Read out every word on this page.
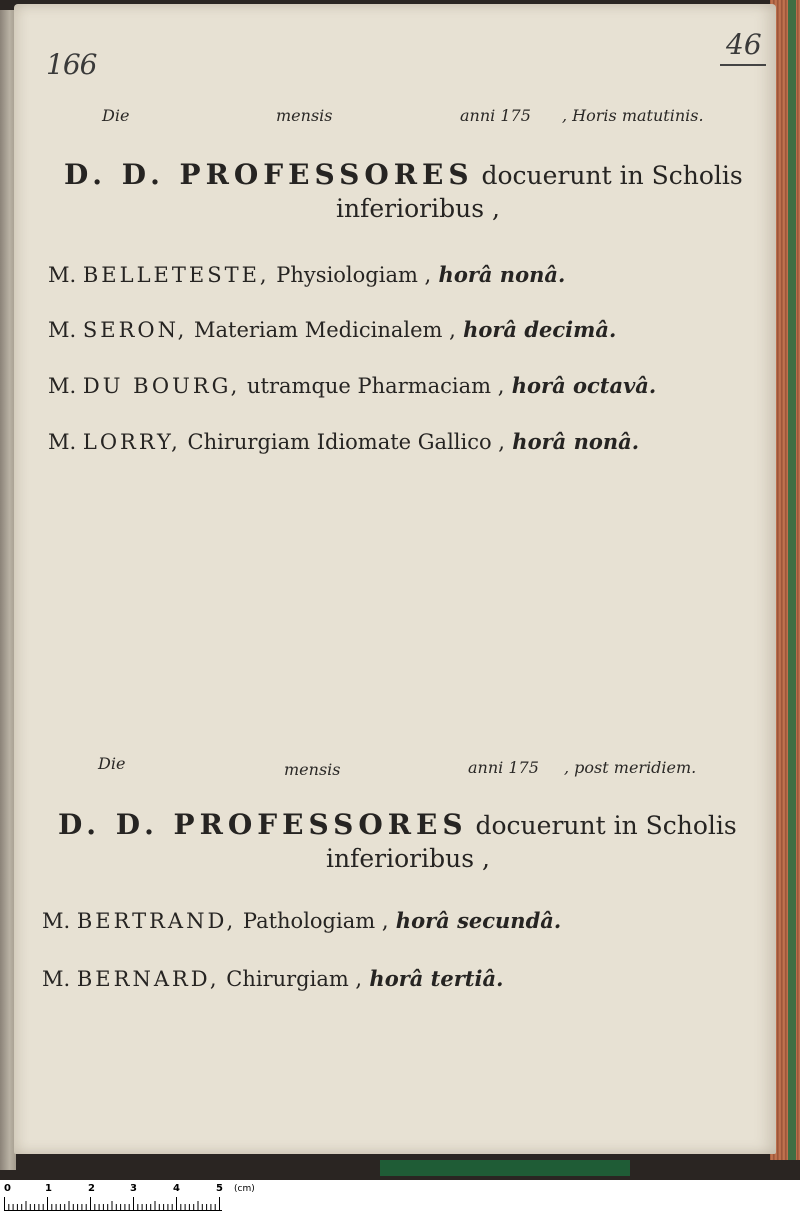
166
46
Die	mensis	anni 175 , Horis matutinis.
D. D. PROFESSORES docuerunt in Scholis
inferioribus ,
M. BELLETESTE, Physiologiam , horâ nonâ.
M. SERON, Materiam Medicinalem , horâ decimâ.
M. DU BOURG, utramque Pharmaciam , horâ octavâ.
M. LORRY, Chirurgiam Idiomate Gallico , horâ nonâ.
Die	mensis	anni 175 , post meridiem.
D. D. PROFESSORES docuerunt in Scholis
inferioribus ,
M. BERTRAND, Pathologiam , horâ secundâ.
M. BERNARD, Chirurgiam , horâ tertiâ.
0	1	2	3	4	5 (cm)
